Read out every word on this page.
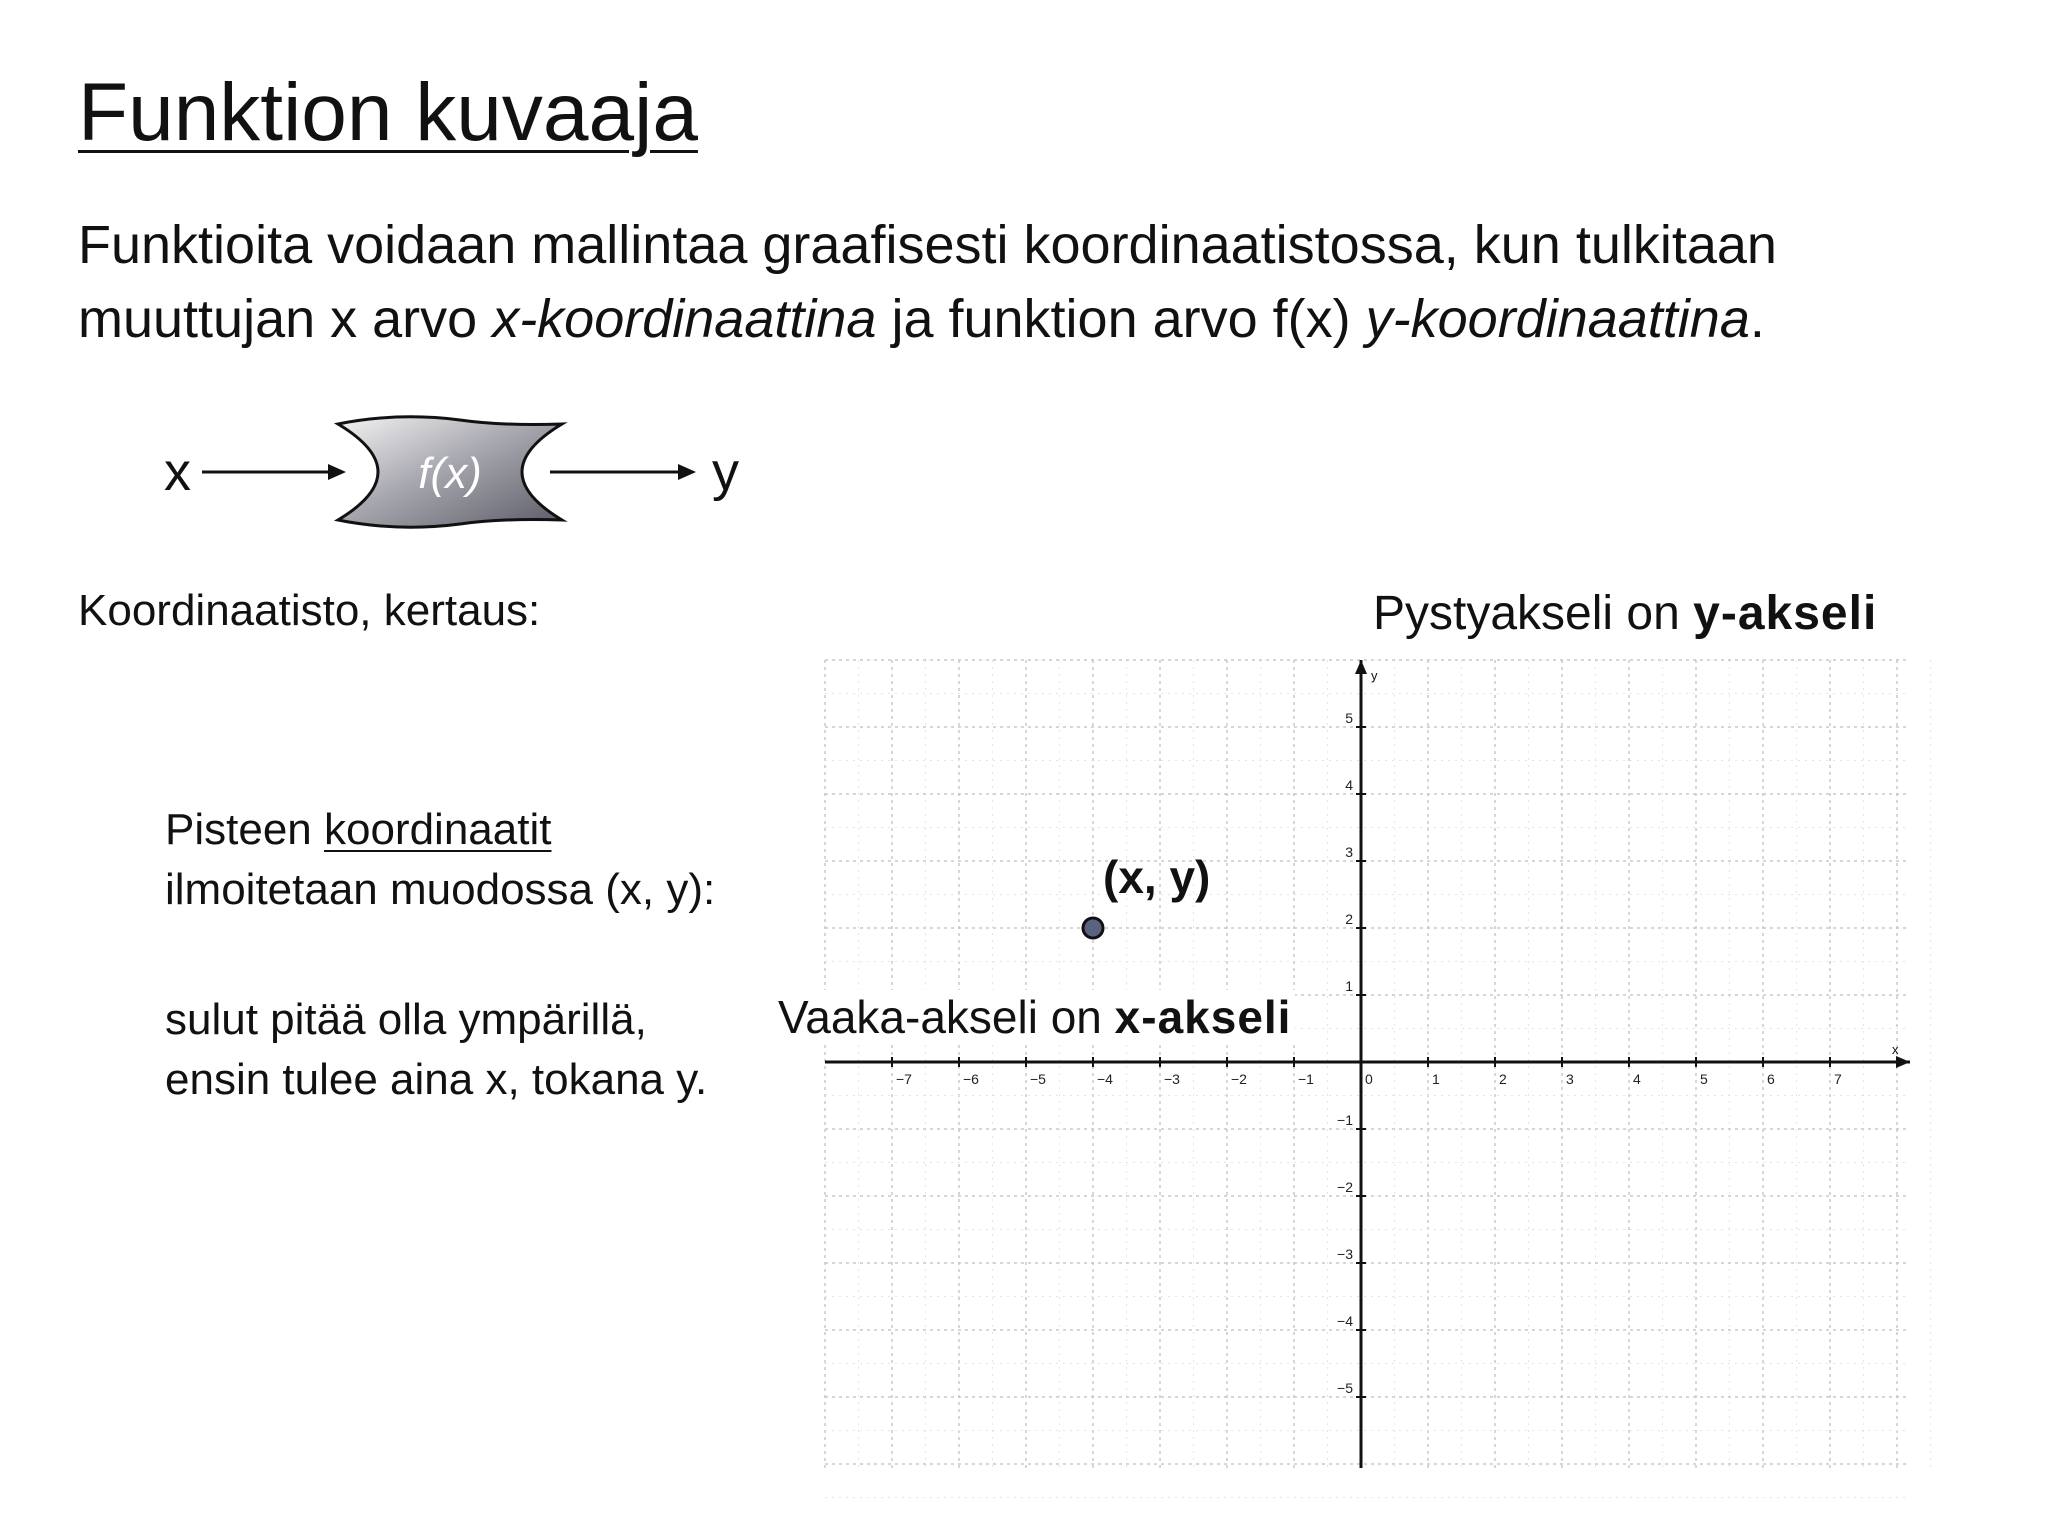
Funktion kuvaaja

Funktioita voidaan mallintaa graafisesti koordinaatistossa, kun tulkitaan
muuttujan x arvo x-koordinaattina ja funktion arvo f(x) y-koordinaattina.

x	f(x)	y
Koordinaatisto, kertaus:
x
y
−7	−6	−5	−4	−3	−2	−1	0	1	2	3	4	5	6	7
5
4
3
2
1
−1
−2
−3
−4
−5
Pystyakseli on y-akseli
Vaaka-akseli on x-akseli
(x, y)
Pisteen koordinaatit
ilmoitetaan muodossa (x, y):
sulut pitää olla ympärillä,
ensin tulee aina x, tokana y.
